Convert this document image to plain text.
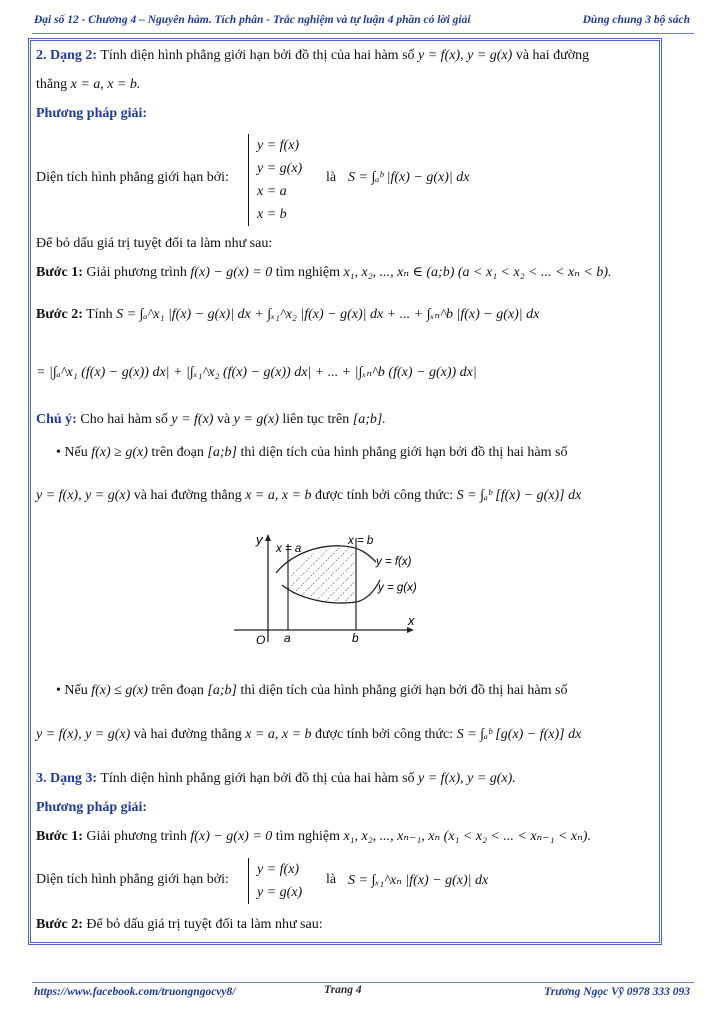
Đại số 12 - Chương 4 – Nguyên hàm. Tích phân - Trắc nghiệm và tự luận 4 phần có lời giải	Dùng chung 3 bộ sách
2. Dạng 2: Tính diện hình phẳng giới hạn bởi đồ thị của hai hàm số y = f(x), y = g(x) và hai đường
thẳng x = a, x = b.
Phương pháp giải:
Diện tích hình phẳng giới hạn bởi:
y = f(x)
y = g(x)
x = a
x = b
là S = ∫ₐᵇ |f(x) − g(x)| dx
Để bỏ dấu giá trị tuyệt đối ta làm như sau:
Bước 1: Giải phương trình f(x) − g(x) = 0 tìm nghiệm x₁, x₂, ..., xₙ ∈ (a;b) (a < x₁ < x₂ < ... < xₙ < b).
Bước 2: Tính S = ∫ₐ^x₁ |f(x) − g(x)| dx + ∫ₓ₁^x₂ |f(x) − g(x)| dx + ... + ∫ₓₙ^b |f(x) − g(x)| dx
= |∫ₐ^x₁ (f(x) − g(x)) dx| + |∫ₓ₁^x₂ (f(x) − g(x)) dx| + ... + |∫ₓₙ^b (f(x) − g(x)) dx|
Chú ý: Cho hai hàm số y = f(x) và y = g(x) liên tục trên [a;b].
• Nếu f(x) ≥ g(x) trên đoạn [a;b] thì diện tích của hình phẳng giới hạn bởi đồ thị hai hàm số
y = f(x), y = g(x) và hai đường thẳng x = a, x = b được tính bởi công thức: S = ∫ₐᵇ [f(x) − g(x)] dx
y
x
O a	b
x = a
x = b
y = f(x)
y = g(x)
• Nếu f(x) ≤ g(x) trên đoạn [a;b] thì diện tích của hình phẳng giới hạn bởi đồ thị hai hàm số
y = f(x), y = g(x) và hai đường thẳng x = a, x = b được tính bởi công thức: S = ∫ₐᵇ [g(x) − f(x)] dx
3. Dạng 3: Tính diện hình phẳng giới hạn bởi đồ thị của hai hàm số y = f(x), y = g(x).
Phương pháp giải:
Bước 1: Giải phương trình f(x) − g(x) = 0 tìm nghiệm x₁, x₂, ..., xₙ₋₁, xₙ (x₁ < x₂ < ... < xₙ₋₁ < xₙ).
Diện tích hình phẳng giới hạn bởi:
y = f(x)
y = g(x)
là S = ∫ₓ₁^xₙ |f(x) − g(x)| dx
Bước 2: Để bỏ dấu giá trị tuyệt đối ta làm như sau:
https://www.facebook.com/truongngocvy8/	Trang 4	Trương Ngọc Vỹ 0978 333 093
